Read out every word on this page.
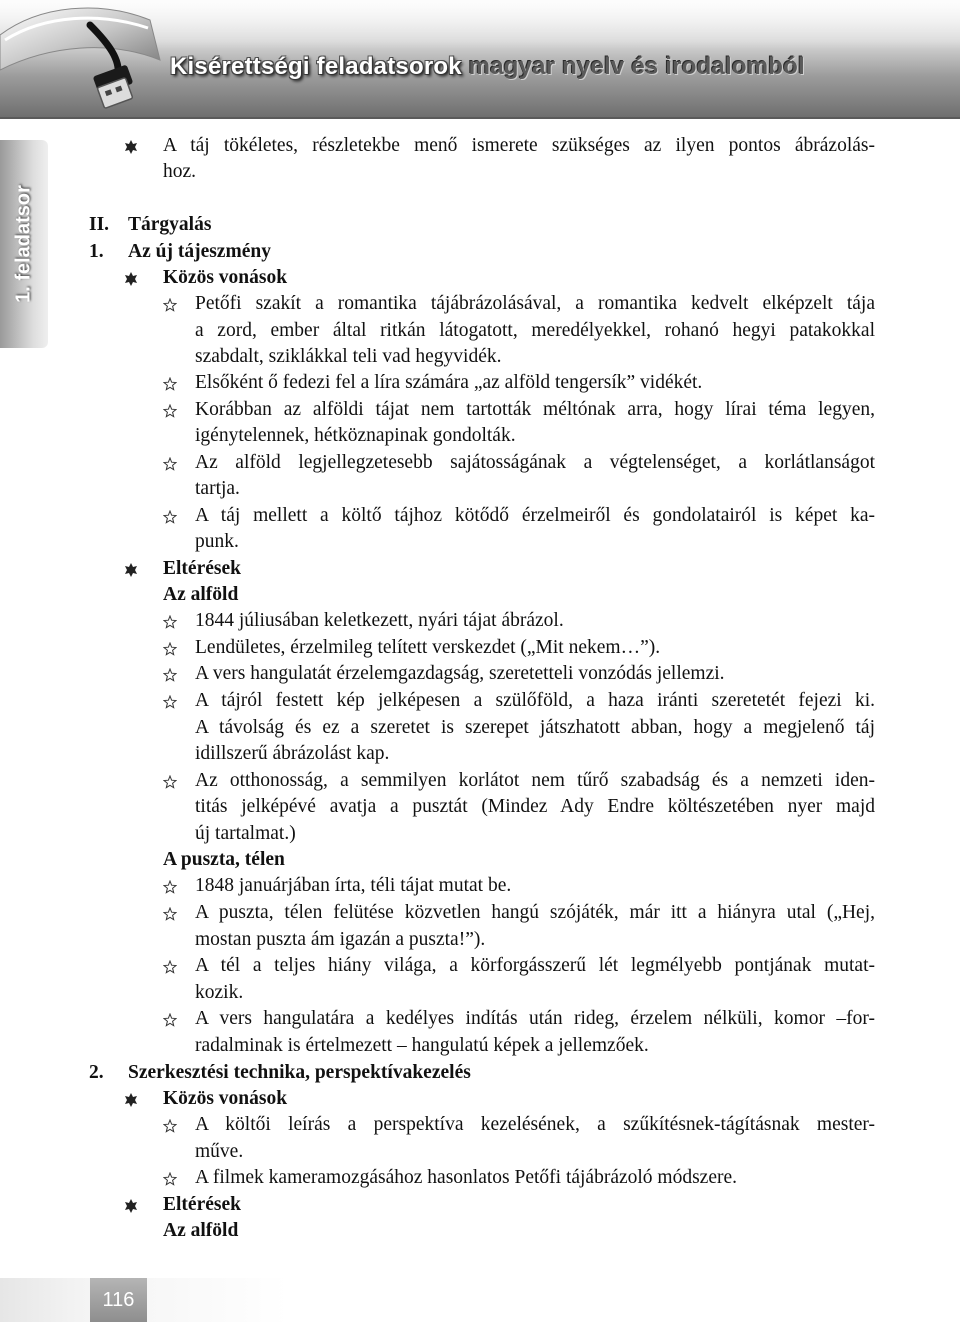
Kisérettségi feladatsorok magyar nyelv és irodalomból
1. feladatsor
A táj tökéletes, részletekbe menő ismerete szükséges az ilyen pontos ábrázolás-
hoz.
II. Tárgyalás
1. Az új tájeszmény
Közös vonások
Petőfi szakít a romantika tájábrázolásával, a romantika kedvelt elképzelt tája
a zord, ember által ritkán látogatott, meredélyekkel, rohanó hegyi patakokkal
szabdalt, sziklákkal teli vad hegyvidék.
Elsőként ő fedezi fel a líra számára „az alföld tengersík” vidékét.
Korábban az alföldi tájat nem tartották méltónak arra, hogy lírai téma legyen,
igénytelennek, hétköznapinak gondolták.
Az alföld legjellegzetesebb sajátosságának a végtelenséget, a korlátlanságot
tartja.
A táj mellett a költő tájhoz kötődő érzelmeiről és gondolatairól is képet ka-
punk.
Eltérések
Az alföld
1844 júliusában keletkezett, nyári tájat ábrázol.
Lendületes, érzelmileg telített verskezdet („Mit nekem…”).
A vers hangulatát érzelemgazdagság, szeretetteli vonzódás jellemzi.
A tájról festett kép jelképesen a szülőföld, a haza iránti szeretetét fejezi ki.
A távolság és ez a szeretet is szerepet játszhatott abban, hogy a megjelenő táj
idillszerű ábrázolást kap.
Az otthonosság, a semmilyen korlátot nem tűrő szabadság és a nemzeti iden-
titás jelképévé avatja a pusztát (Mindez Ady Endre költészetében nyer majd
új tartalmat.)
A puszta, télen
1848 januárjában írta, téli tájat mutat be.
A puszta, télen felütése közvetlen hangú szójáték, már itt a hiányra utal („Hej,
mostan puszta ám igazán a puszta!”).
A tél a teljes hiány világa, a körforgásszerű lét legmélyebb pontjának mutat-
kozik.
A vers hangulatára a kedélyes indítás után rideg, érzelem nélküli, komor –for-
radalminak is értelmezett – hangulatú képek a jellemzőek.
2. Szerkesztési technika, perspektívakezelés
Közös vonások
A költői leírás a perspektíva kezelésének, a szűkítésnek-tágításnak mester-
műve.
A filmek kameramozgásához hasonlatos Petőfi tájábrázoló módszere.
Eltérések
Az alföld
116
